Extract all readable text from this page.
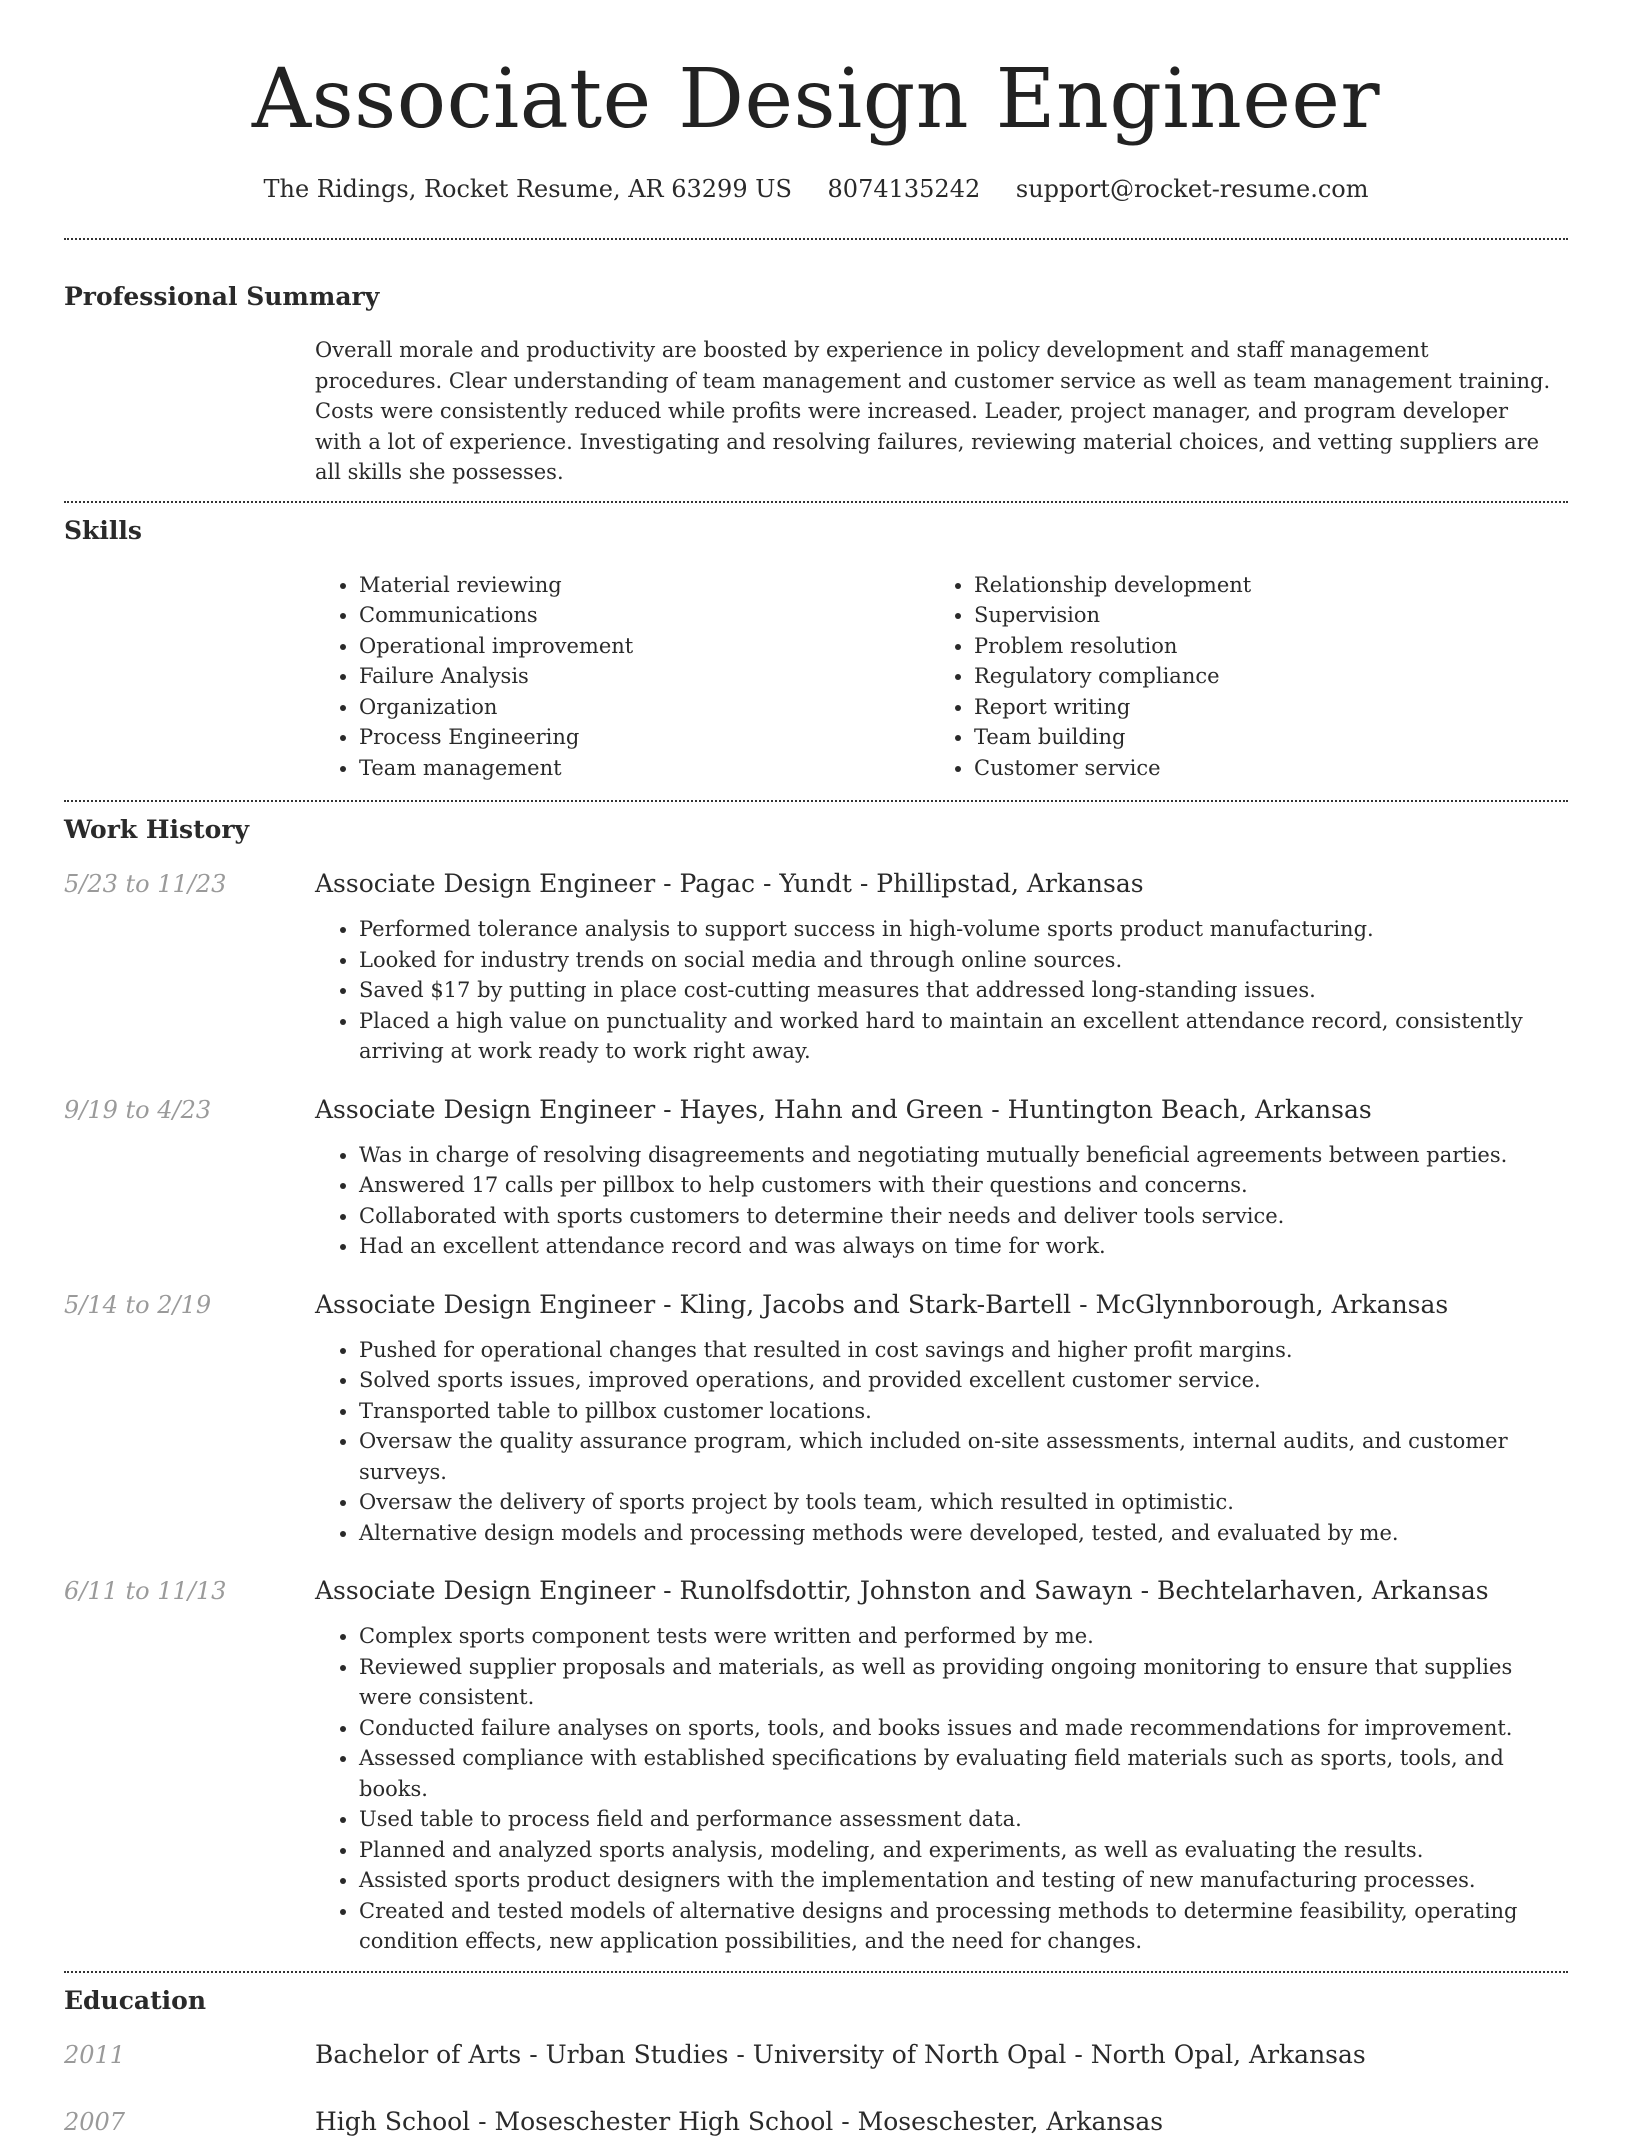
Associate Design Engineer
The Ridings, Rocket Resume, AR 63299 US 8074135242 support@rocket-resume.com
Professional Summary

Overall morale and productivity are boosted by experience in policy development and staff management procedures. Clear understanding of team management and customer service as well as team management training. Costs were consistently reduced while profits were increased. Leader, project manager, and program developer with a lot of experience. Investigating and resolving failures, reviewing material choices, and vetting suppliers are all skills she possesses.

Skills
• Material reviewing
• Communications
• Operational improvement
• Failure Analysis
• Organization
• Process Engineering
• Team management
• Relationship development
• Supervision
• Problem resolution
• Regulatory compliance
• Report writing
• Team building
• Customer service
Work History
5/23 to 11/23	Associate Design Engineer - Pagac - Yundt - Phillipstad, Arkansas
• Performed tolerance analysis to support success in high-volume sports product manufacturing.
• Looked for industry trends on social media and through online sources.
• Saved $17 by putting in place cost-cutting measures that addressed long-standing issues.
• Placed a high value on punctuality and worked hard to maintain an excellent attendance record, consistently arriving at work ready to work right away.
9/19 to 4/23	Associate Design Engineer - Hayes, Hahn and Green - Huntington Beach, Arkansas
• Was in charge of resolving disagreements and negotiating mutually beneficial agreements between parties.
• Answered 17 calls per pillbox to help customers with their questions and concerns.
• Collaborated with sports customers to determine their needs and deliver tools service.
• Had an excellent attendance record and was always on time for work.
5/14 to 2/19	Associate Design Engineer - Kling, Jacobs and Stark-Bartell - McGlynnborough, Arkansas
• Pushed for operational changes that resulted in cost savings and higher profit margins.
• Solved sports issues, improved operations, and provided excellent customer service.
• Transported table to pillbox customer locations.
• Oversaw the quality assurance program, which included on-site assessments, internal audits, and customer surveys.
• Oversaw the delivery of sports project by tools team, which resulted in optimistic.
• Alternative design models and processing methods were developed, tested, and evaluated by me.
6/11 to 11/13	Associate Design Engineer - Runolfsdottir, Johnston and Sawayn - Bechtelarhaven, Arkansas
• Complex sports component tests were written and performed by me.
• Reviewed supplier proposals and materials, as well as providing ongoing monitoring to ensure that supplies were consistent.
• Conducted failure analyses on sports, tools, and books issues and made recommendations for improvement.
• Assessed compliance with established specifications by evaluating field materials such as sports, tools, and books.
• Used table to process field and performance assessment data.
• Planned and analyzed sports analysis, modeling, and experiments, as well as evaluating the results.
• Assisted sports product designers with the implementation and testing of new manufacturing processes.
• Created and tested models of alternative designs and processing methods to determine feasibility, operating condition effects, new application possibilities, and the need for changes.
Education
2011	Bachelor of Arts - Urban Studies - University of North Opal - North Opal, Arkansas
2007	High School - Moseschester High School - Moseschester, Arkansas
